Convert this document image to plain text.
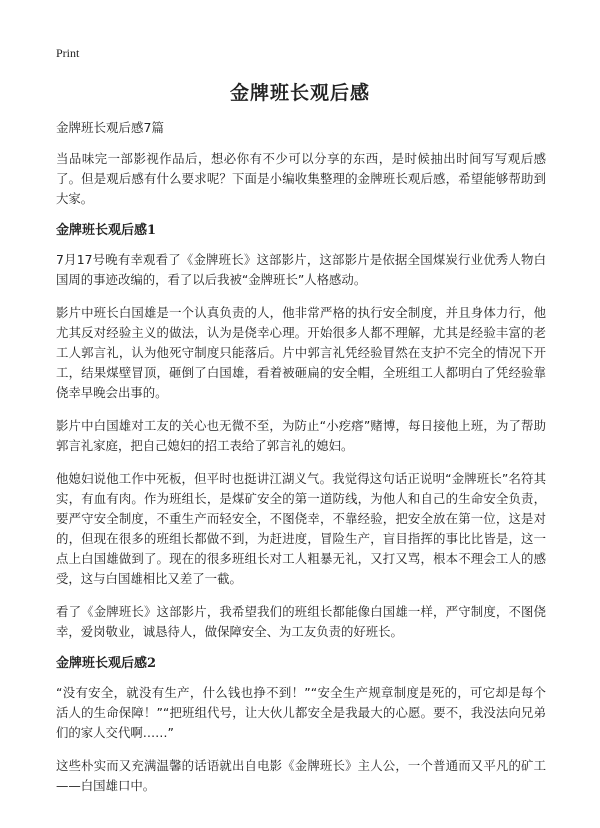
Print
金牌班长观后感

金牌班长观后感7篇

当品味完一部影视作品后，想必你有不少可以分享的东西，是时候抽出时间写写观后感了。但是观后感有什么要求呢？下面是小编收集整理的金牌班长观后感，希望能够帮助到大家。

金牌班长观后感1

7月17号晚有幸观看了《金牌班长》这部影片，这部影片是依据全国煤炭行业优秀人物白国周的事迹改编的，看了以后我被“金牌班长”人格感动。

影片中班长白国雄是一个认真负责的人，他非常严格的执行安全制度，并且身体力行，他尤其反对经验主义的做法，认为是侥幸心理。开始很多人都不理解，尤其是经验丰富的老工人郭言礼，认为他死守制度只能落后。片中郭言礼凭经验冒然在支护不完全的情况下开工，结果煤壁冒顶，砸倒了白国雄，看着被砸扁的安全帽，全班组工人都明白了凭经验靠侥幸早晚会出事的。

影片中白国雄对工友的关心也无微不至，为防止“小疙瘩”赌博，每日接他上班，为了帮助郭言礼家庭，把自己媳妇的招工表给了郭言礼的媳妇。

他媳妇说他工作中死板，但平时也挺讲江湖义气。我觉得这句话正说明“金牌班长”名符其实，有血有肉。作为班组长，是煤矿安全的第一道防线，为他人和自己的生命安全负责，要严守安全制度，不重生产而轻安全，不图侥幸，不靠经验，把安全放在第一位，这是对的，但现在很多的班组长都做不到，为赶进度，冒险生产，盲目指挥的事比比皆是，这一点上白国雄做到了。现在的很多班组长对工人粗暴无礼，又打又骂，根本不理会工人的感受，这与白国雄相比又差了一截。

看了《金牌班长》这部影片，我希望我们的班组长都能像白国雄一样，严守制度，不图侥幸，爱岗敬业，诚恳待人，做保障安全、为工友负责的好班长。

金牌班长观后感2

“没有安全，就没有生产，什么钱也挣不到！”“安全生产规章制度是死的，可它却是每个活人的生命保障！”“把班组代号，让大伙儿都安全是我最大的心愿。要不，我没法向兄弟们的家人交代啊……”

这些朴实而又充满温馨的话语就出自电影《金牌班长》主人公，一个普通而又平凡的矿工——白国雄口中。
